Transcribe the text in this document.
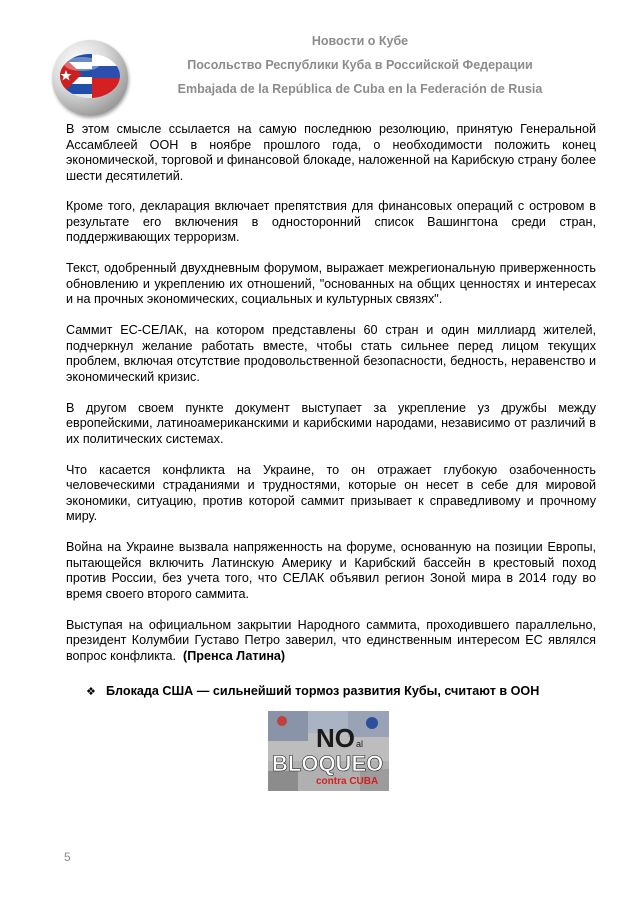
Новости о Кубе
Посольство Республики Куба в Российской Федерации
Embajada de la República de Cuba en la Federación de Rusia

В этом смысле ссылается на самую последнюю резолюцию, принятую Генеральной Ассамблеей ООН в ноябре прошлого года, о необходимости положить конец экономической, торговой и финансовой блокаде, наложенной на Карибскую страну более шести десятилетий.

Кроме того, декларация включает препятствия для финансовых операций с островом в результате его включения в односторонний список Вашингтона среди стран, поддерживающих терроризм.

Текст, одобренный двухдневным форумом, выражает межрегиональную приверженность обновлению и укреплению их отношений, "основанных на общих ценностях и интересах и на прочных экономических, социальных и культурных связях".

Саммит ЕС-СЕЛАК, на котором представлены 60 стран и один миллиард жителей, подчеркнул желание работать вместе, чтобы стать сильнее перед лицом текущих проблем, включая отсутствие продовольственной безопасности, бедность, неравенство и экономический кризис.

В другом своем пункте документ выступает за укрепление уз дружбы между европейскими, латиноамериканскими и карибскими народами, независимо от различий в их политических системах.

Что касается конфликта на Украине, то он отражает глубокую озабоченность человеческими страданиями и трудностями, которые он несет в себе для мировой экономики, ситуацию, против которой саммит призывает к справедливому и прочному миру.

Война на Украине вызвала напряженность на форуме, основанную на позиции Европы, пытающейся включить Латинскую Америку и Карибский бассейн в крестовый поход против России, без учета того, что СЕЛАК объявил регион Зоной мира в 2014 году во время своего второго саммита.

Выступая на официальном закрытии Народного саммита, проходившего параллельно, президент Колумбии Густаво Петро заверил, что единственным интересом ЕС являлся вопрос конфликта. (Пренса Латина)

❖ Блокада США — сильнейший тормоз развития Кубы, считают в ООН
NO al
BLOQUEO
contra CUBA
5
